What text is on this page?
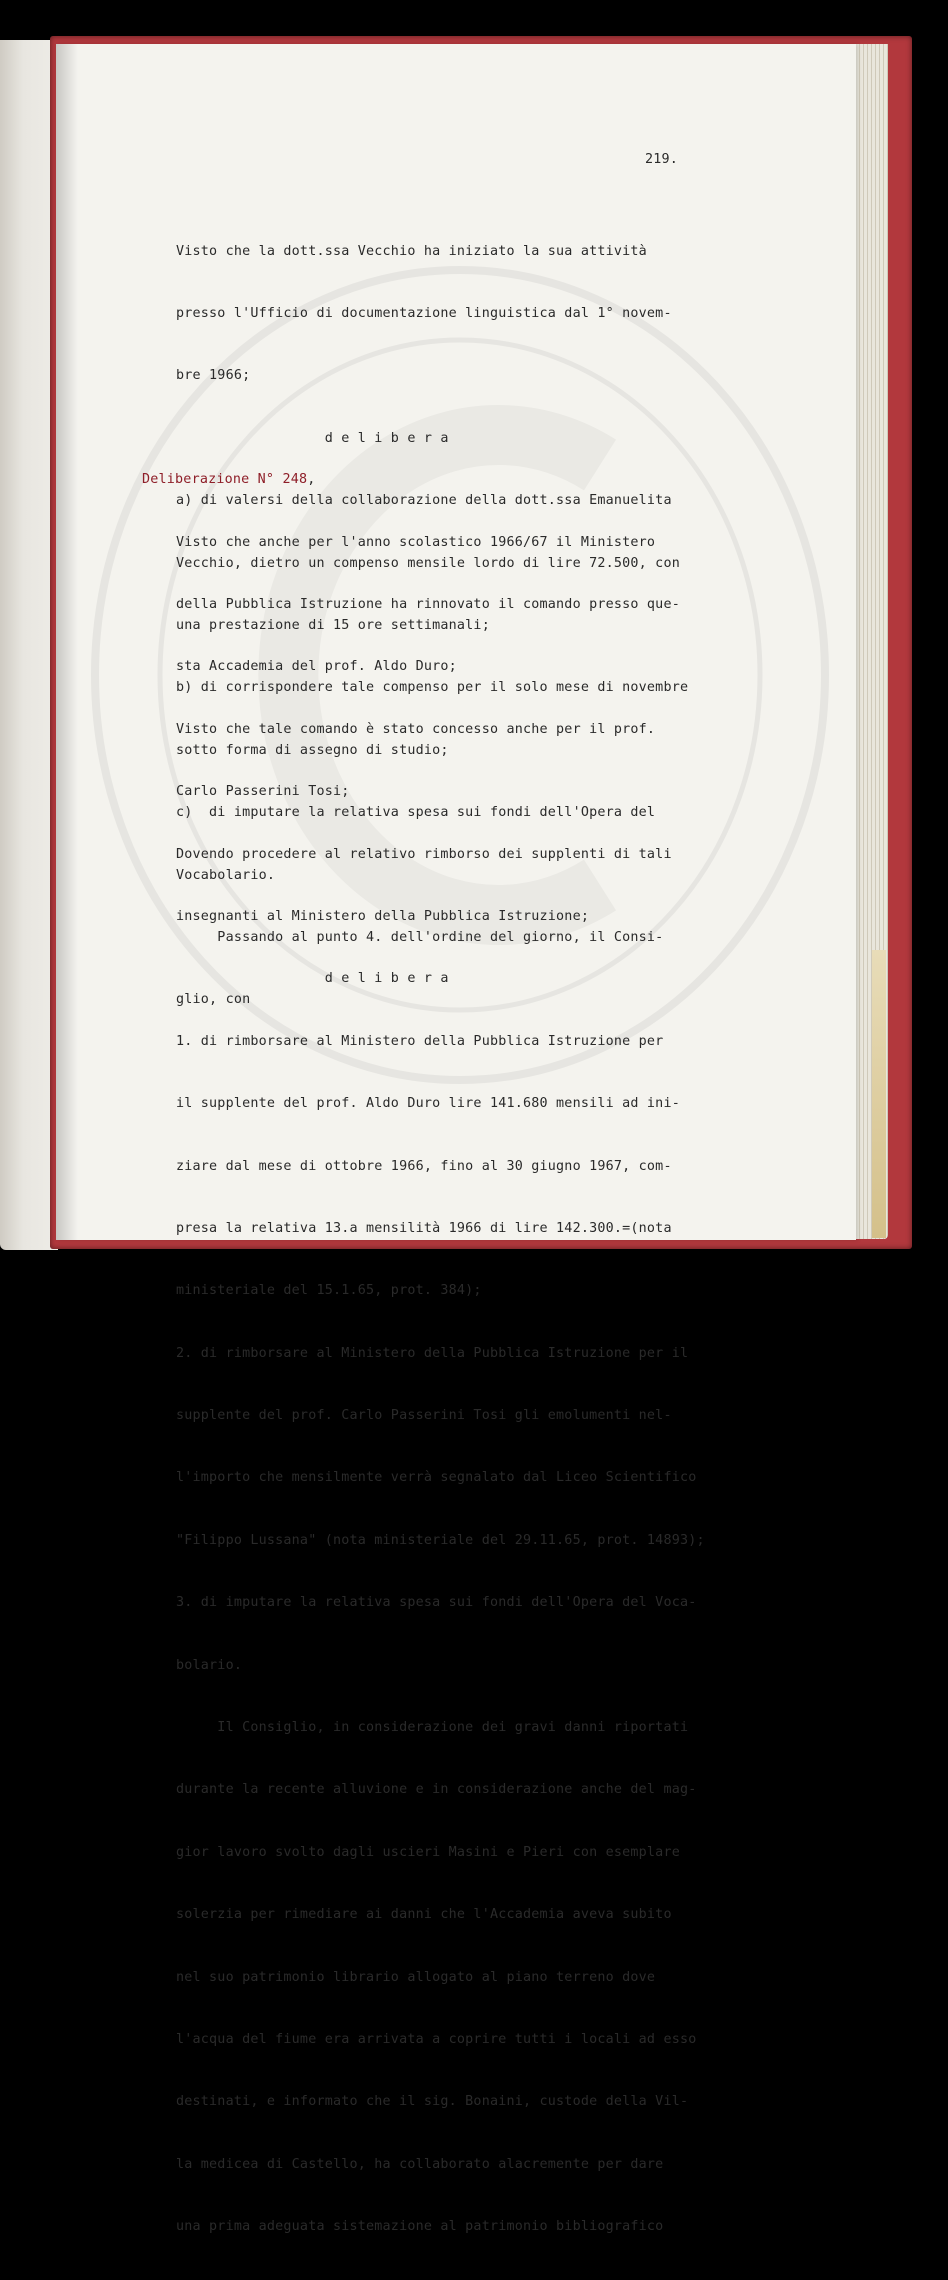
219.

Visto che la dott.ssa Vecchio ha iniziato la sua attività

presso l'Ufficio di documentazione linguistica dal 1° novem-

bre 1966;

d e l i b e r a

a) di valersi della collaborazione della dott.ssa Emanuelita

Vecchio, dietro un compenso mensile lordo di lire 72.500, con

una prestazione di 15 ore settimanali;

b) di corrispondere tale compenso per il solo mese di novembre

sotto forma di assegno di studio;

c)  di imputare la relativa spesa sui fondi dell'Opera del

Vocabolario.

Passando al punto 4. dell'ordine del giorno, il Consi-

glio, con

Deliberazione N° 248,

Visto che anche per l'anno scolastico 1966/67 il Ministero

della Pubblica Istruzione ha rinnovato il comando presso que-

sta Accademia del prof. Aldo Duro;

Visto che tale comando è stato concesso anche per il prof.

Carlo Passerini Tosi;

Dovendo procedere al relativo rimborso dei supplenti di tali

insegnanti al Ministero della Pubblica Istruzione;

d e l i b e r a

1. di rimborsare al Ministero della Pubblica Istruzione per

il supplente del prof. Aldo Duro lire 141.680 mensili ad ini-

ziare dal mese di ottobre 1966, fino al 30 giugno 1967, com-

presa la relativa 13.a mensilità 1966 di lire 142.300.=(nota

ministeriale del 15.1.65, prot. 384);

2. di rimborsare al Ministero della Pubblica Istruzione per il

supplente del prof. Carlo Passerini Tosi gli emolumenti nel-

l'importo che mensilmente verrà segnalato dal Liceo Scientifico

"Filippo Lussana" (nota ministeriale del 29.11.65, prot. 14893);

3. di imputare la relativa spesa sui fondi dell'Opera del Voca-

bolario.

Il Consiglio, in considerazione dei gravi danni riportati

durante la recente alluvione e in considerazione anche del mag-

gior lavoro svolto dagli uscieri Masini e Pieri con esemplare

solerzia per rimediare ai danni che l'Accademia aveva subito

nel suo patrimonio librario allogato al piano terreno dove

l'acqua del fiume era arrivata a coprire tutti i locali ad esso

destinati, e informato che il sig. Bonaini, custode della Vil-

la medicea di Castello, ha collaborato alacremente per dare

una prima adeguata sistemazione al patrimonio bibliografico
